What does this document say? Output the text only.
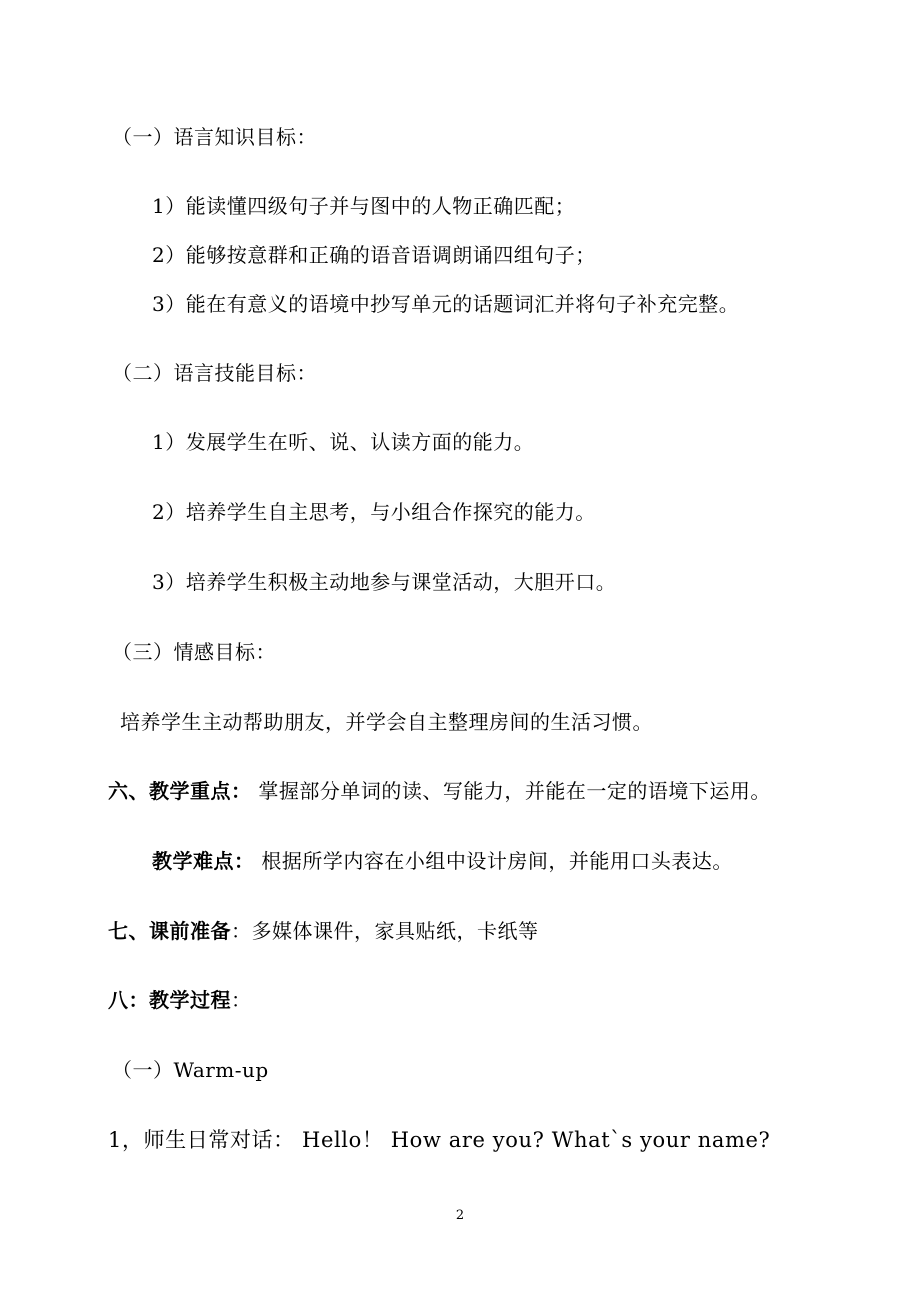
（一）语言知识目标：
1）能读懂四级句子并与图中的人物正确匹配；
2）能够按意群和正确的语音语调朗诵四组句子；
3）能在有意义的语境中抄写单元的话题词汇并将句子补充完整。
（二）语言技能目标：
1）发展学生在听、说、认读方面的能力。
2）培养学生自主思考，与小组合作探究的能力。
3）培养学生积极主动地参与课堂活动，大胆开口。
（三）情感目标：
培养学生主动帮助朋友，并学会自主整理房间的生活习惯。
六、教学重点： 掌握部分单词的读、写能力，并能在一定的语境下运用。
教学难点： 根据所学内容在小组中设计房间，并能用口头表达。
七、课前准备：多媒体课件，家具贴纸，卡纸等
八：教学过程：
（一）Warm-up
1，师生日常对话： Hello！ How are you? What`s your name?
2
